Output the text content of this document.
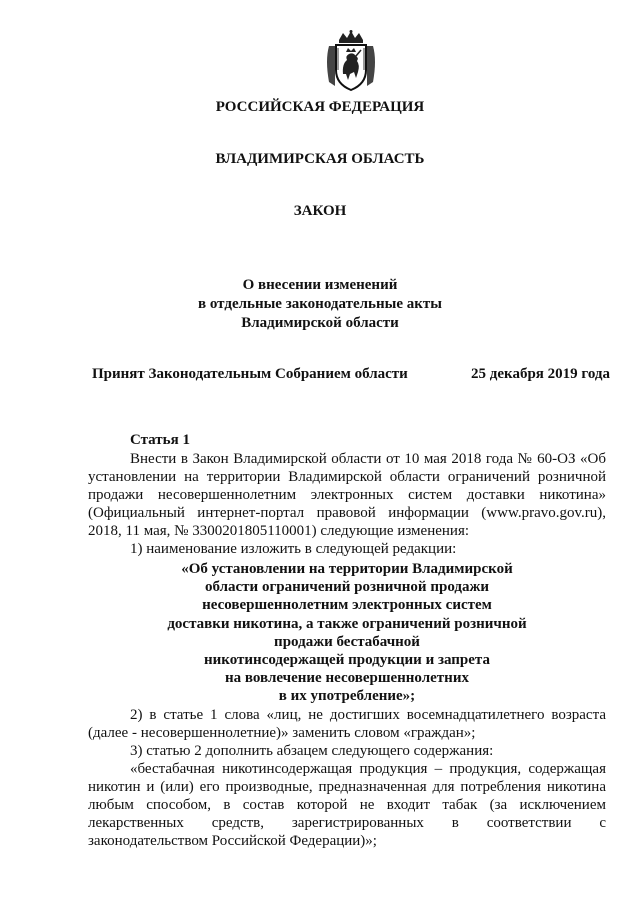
РОССИЙСКАЯ ФЕДЕРАЦИЯ
ВЛАДИМИРСКАЯ ОБЛАСТЬ
ЗАКОН
О внесении изменений
в отдельные законодательные акты
Владимирской области
Принят Законодательным Собранием области	25 декабря 2019 года
Статья 1
Внести в Закон Владимирской области от 10 мая 2018 года № 60-ОЗ «Об
установлении на территории Владимирской области ограничений розничной
продажи несовершеннолетним электронных систем доставки никотина»
(Официальный интернет-портал правовой информации (www.pravo.gov.ru),
2018, 11 мая, № 3300201805110001) следующие изменения:
1) наименование изложить в следующей редакции:
«Об установлении на территории Владимирской
области ограничений розничной продажи
несовершеннолетним электронных систем
доставки никотина, а также ограничений розничной
продажи бестабачной
никотинсодержащей продукции и запрета
на вовлечение несовершеннолетних
в их употребление»;
2) в статье 1 слова «лиц, не достигших восемнадцатилетнего возраста
(далее - несовершеннолетние)» заменить словом «граждан»;
3) статью 2 дополнить абзацем следующего содержания:
«бестабачная никотинсодержащая продукция – продукция, содержащая
никотин и (или) его производные, предназначенная для потребления никотина
любым способом, в состав которой не входит табак (за исключением
лекарственных средств, зарегистрированных в соответствии с
законодательством Российской Федерации)»;
